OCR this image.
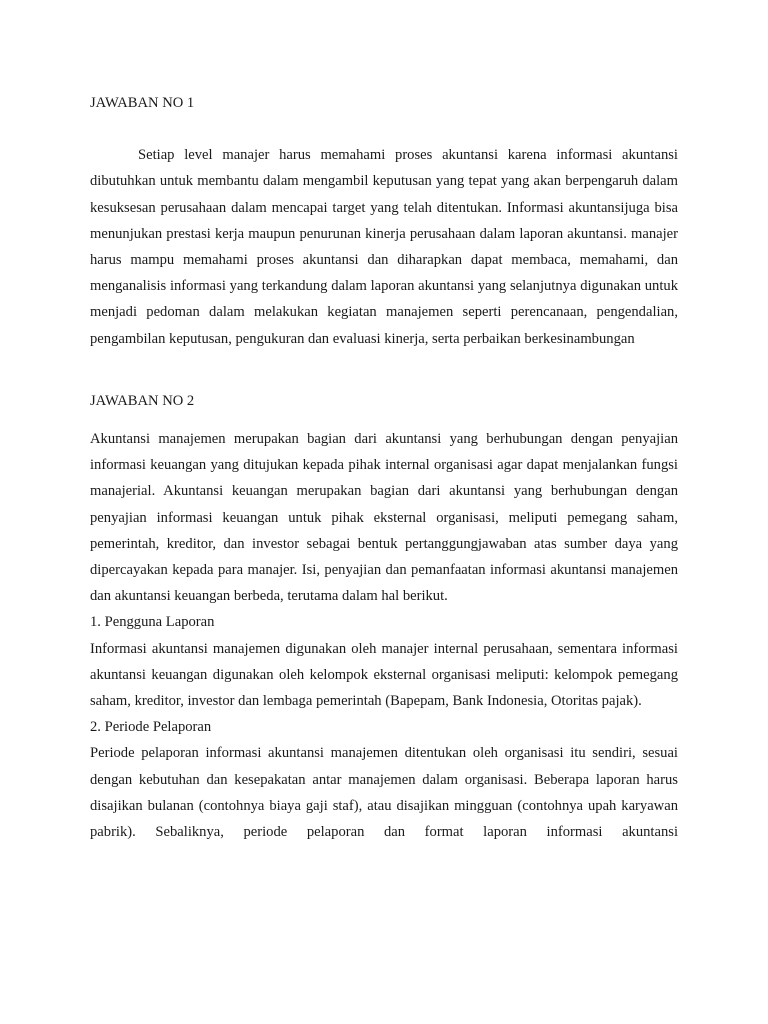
JAWABAN NO 1

Setiap level manajer harus memahami proses akuntansi karena informasi akuntansi dibutuhkan untuk membantu dalam mengambil keputusan yang tepat yang akan berpengaruh dalam kesuksesan perusahaan dalam mencapai target yang telah ditentukan. Informasi akuntansijuga bisa menunjukan prestasi kerja maupun penurunan kinerja perusahaan dalam laporan akuntansi. manajer harus mampu memahami proses akuntansi dan diharapkan dapat membaca, memahami, dan menganalisis informasi yang terkandung dalam laporan akuntansi yang selanjutnya digunakan untuk menjadi pedoman dalam melakukan kegiatan manajemen seperti perencanaan, pengendalian, pengambilan keputusan, pengukuran dan evaluasi kinerja, serta perbaikan berkesinambungan

JAWABAN NO 2

Akuntansi manajemen merupakan bagian dari akuntansi yang berhubungan dengan penyajian informasi keuangan yang ditujukan kepada pihak internal organisasi agar dapat menjalankan fungsi manajerial. Akuntansi keuangan merupakan bagian dari akuntansi yang berhubungan dengan penyajian informasi keuangan untuk pihak eksternal organisasi, meliputi pemegang saham, pemerintah, kreditor, dan investor sebagai bentuk pertanggungjawaban atas sumber daya yang dipercayakan kepada para manajer. Isi, penyajian dan pemanfaatan informasi akuntansi manajemen dan akuntansi keuangan berbeda, terutama dalam hal berikut.

1. Pengguna Laporan

Informasi akuntansi manajemen digunakan oleh manajer internal perusahaan, sementara informasi akuntansi keuangan digunakan oleh kelompok eksternal organisasi meliputi: kelompok pemegang saham, kreditor, investor dan lembaga pemerintah (Bapepam, Bank Indonesia, Otoritas pajak).

2. Periode Pelaporan

Periode pelaporan informasi akuntansi manajemen ditentukan oleh organisasi itu sendiri, sesuai dengan kebutuhan dan kesepakatan antar manajemen dalam organisasi. Beberapa laporan harus disajikan bulanan (contohnya biaya gaji staf), atau disajikan mingguan (contohnya upah karyawan pabrik). Sebaliknya, periode pelaporan dan format laporan informasi akuntansi
